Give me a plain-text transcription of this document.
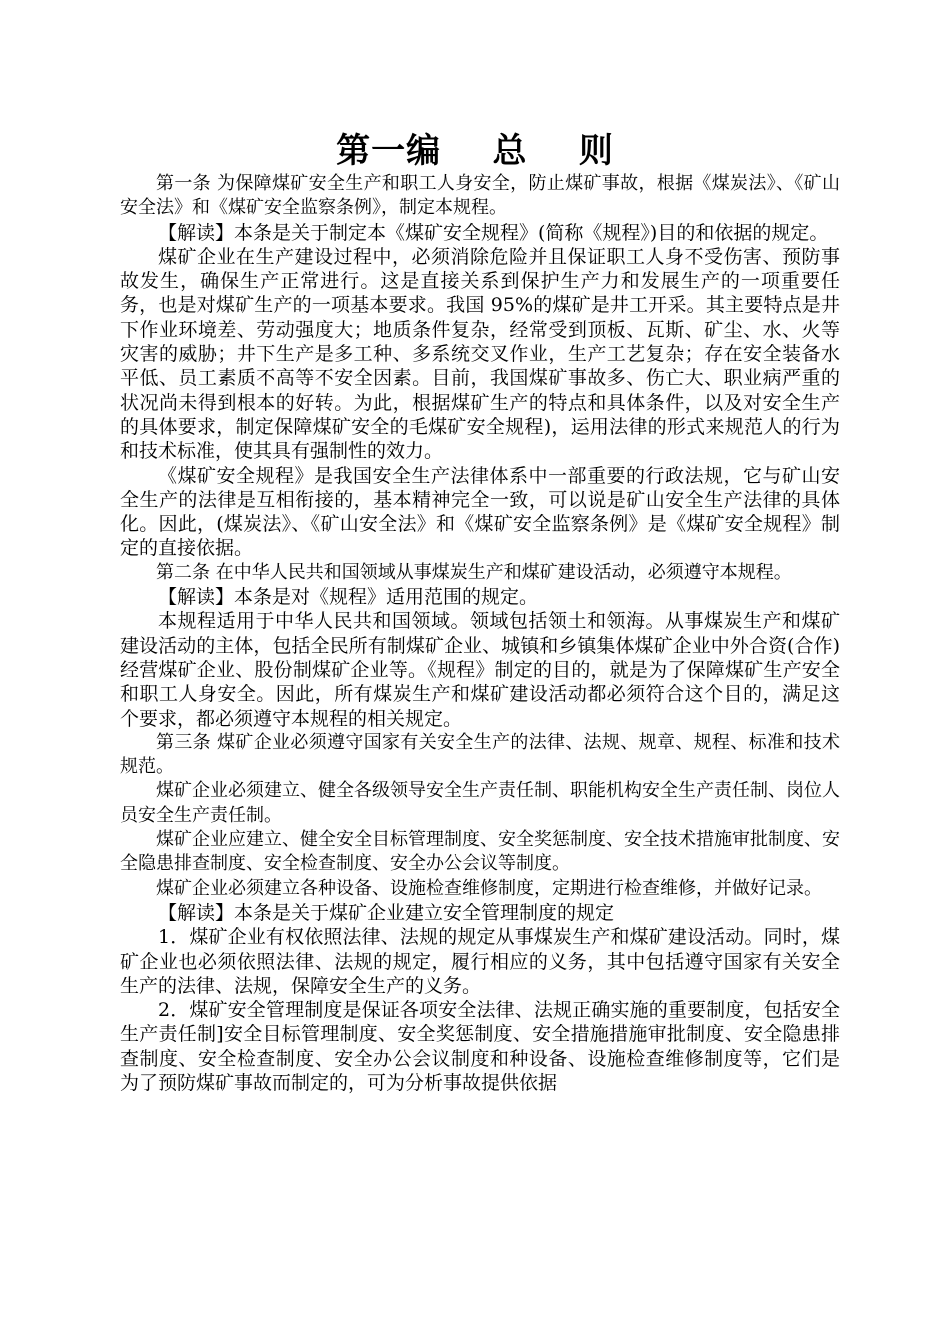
第一编    总    则

第一条 为保障煤矿安全生产和职工人身安全，防止煤矿事故，根据《煤炭法》、《矿山安全法》和《煤矿安全监察条例》，制定本规程。

【解读】本条是关于制定本《煤矿安全规程》(简称《规程》)目的和依据的规定。

煤矿企业在生产建设过程中，必须消除危险并且保证职工人身不受伤害、预防事故发生，确保生产正常进行。这是直接关系到保护生产力和发展生产的一项重要任务，也是对煤矿生产的一项基本要求。我国 95%的煤矿是井工开采。其主要特点是井下作业环境差、劳动强度大；地质条件复杂，经常受到顶板、瓦斯、矿尘、水、火等灾害的威胁；井下生产是多工种、多系统交叉作业，生产工艺复杂；存在安全装备水平低、员工素质不高等不安全因素。目前，我国煤矿事故多、伤亡大、职业病严重的状况尚未得到根本的好转。为此，根据煤矿生产的特点和具体条件，以及对安全生产的具体要求，制定保障煤矿安全的毛煤矿安全规程)，运用法律的形式来规范人的行为和技术标准，使其具有强制性的效力。

《煤矿安全规程》是我国安全生产法律体系中一部重要的行政法规，它与矿山安全生产的法律是互相衔接的，基本精神完全一致，可以说是矿山安全生产法律的具体化。因此，(煤炭法》、《矿山安全法》和《煤矿安全监察条例》是《煤矿安全规程》制定的直接依据。

第二条 在中华人民共和国领域从事煤炭生产和煤矿建设活动，必须遵守本规程。

【解读】本条是对《规程》适用范围的规定。

本规程适用于中华人民共和国领域。领域包括领土和领海。从事煤炭生产和煤矿建设活动的主体，包括全民所有制煤矿企业、城镇和乡镇集体煤矿企业中外合资(合作)经营煤矿企业、股份制煤矿企业等。《规程》制定的目的，就是为了保障煤矿生产安全和职工人身安全。因此，所有煤炭生产和煤矿建设活动都必须符合这个目的，满足这个要求，都必须遵守本规程的相关规定。

第三条 煤矿企业必须遵守国家有关安全生产的法律、法规、规章、规程、标准和技术规范。

煤矿企业必须建立、健全各级领导安全生产责任制、职能机构安全生产责任制、岗位人员安全生产责任制。

煤矿企业应建立、健全安全目标管理制度、安全奖惩制度、安全技术措施审批制度、安全隐患排查制度、安全检查制度、安全办公会议等制度。

煤矿企业必须建立各种设备、设施检查维修制度，定期进行检查维修，并做好记录。

【解读】本条是关于煤矿企业建立安全管理制度的规定

1．煤矿企业有权依照法律、法规的规定从事煤炭生产和煤矿建设活动。同时，煤矿企业也必须依照法律、法规的规定，履行相应的义务，其中包括遵守国家有关安全生产的法律、法规，保障安全生产的义务。

2．煤矿安全管理制度是保证各项安全法律、法规正确实施的重要制度，包括安全生产责任制]安全目标管理制度、安全奖惩制度、安全措施措施审批制度、安全隐患排查制度、安全检查制度、安全办公会议制度和种设备、设施检查维修制度等，它们是为了预防煤矿事故而制定的，可为分析事故提供依据
